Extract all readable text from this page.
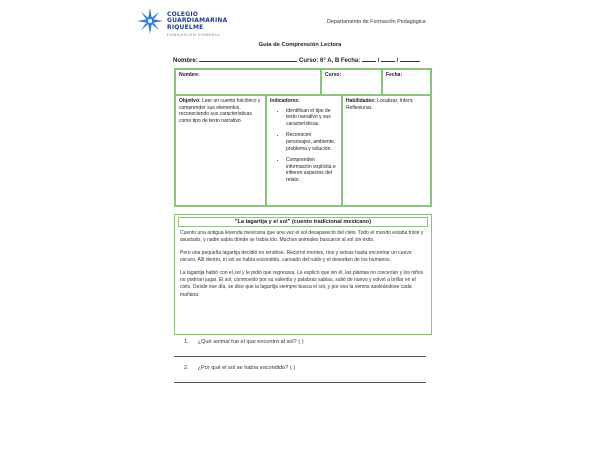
COLEGIO
GUARDIAMARINA
RIQUELME
FUNDACIÓN CONDELL
Departamento de Formación Pedagógica
Guía de Comprensión Lectora
Nombre:	Curso: 6° A, B Fecha:	/	/
Nombre:	Curso:	Fecha:
Objetivo: Leer un cuento folclórico y comprender sus elementos, reconociendo sus características como tipo de texto narrativo.
Indicadores:
• Identifican el tipo de texto narrativo y sus características.
• Reconocen personajes, ambiente, problema y solución.
• Comprenden información explícita e infieren aspectos del relato.
Habilidades: Localizar, Inferir, Reflexionar.
"La lagartija y el sol" (cuento tradicional mexicano)

Cuento una antigua leyenda mexicana que una vez el sol desapareció del cielo. Todo el mundo estaba triste y asustado, y nadie sabía dónde se había ido. Muchos animales buscaron al sol sin éxito.

Pero una pequeña lagartija decidió no rendirse. Recorrió montes, ríos y selvas hasta encontrar un cuevo oscuro. Allí dentro, el sol se había escondido, cansado del ruido y el desorden de los humanos.

La lagartija habló con el sol y le pidió que regresara. Le explicó que sin él, las plantas no crecerían y los niños no podrían jugar. El sol, conmovido por su valentía y palabras sabias, salió de nuevo y volvió a brillar en el cielo. Desde ese día, se dice que la lagartija siempre busca el sol, y por eso la vemos asoleándose cada mañana.

1. ¿Qué animal fue el que encontró al sol? ( )
2. ¿Por qué el sol se había escondido? ( )
